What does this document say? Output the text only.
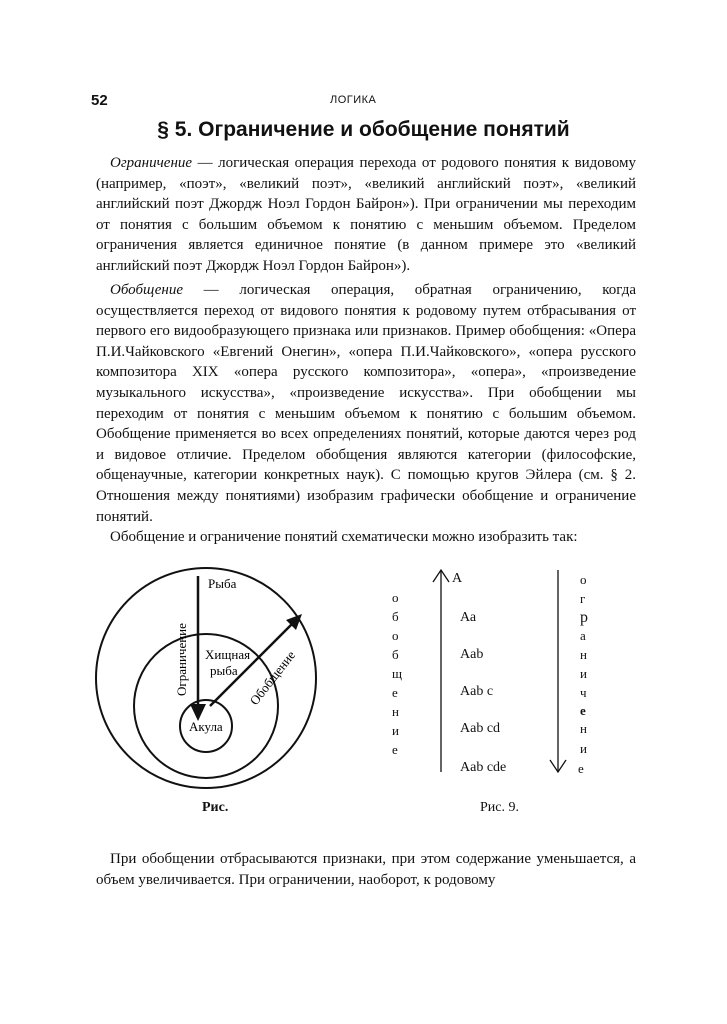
52	ЛОГИКА
§ 5. Ограничение и обобщение понятий
Ограничение — логическая операция перехода от родового понятия к видовому (например, «поэт», «великий поэт», «великий английский поэт», «великий английский поэт Джордж Ноэл Гордон Байрон»). При ограничении мы переходим от понятия с большим объемом к понятию с меньшим объемом. Пределом ограничения является единичное понятие (в данном примере это «великий английский поэт Джордж Ноэл Гордон Байрон»).
Обобщение — логическая операция, обратная ограничению, когда осуществляется переход от видового понятия к родовому путем отбрасывания от первого его видообразующего признака или признаков. Пример обобщения: «Опера П.И.Чайковского «Евгений Онегин», «опера П.И.Чайковского», «опера русского композитора XIX «опера русского композитора», «опера», «произведение музыкального искусства», «произведение искусства». При обобщении мы переходим от понятия с меньшим объемом к понятию с большим объемом. Обобщение применяется во всех определениях понятий, которые даются через род и видовое отличие. Пределом обобщения являются категории (философские, общенаучные, категории конкретных наук). С помощью кругов Эйлера (см. § 2. Отношения между понятиями) изобразим графически обобщение и ограничение понятий.
Обобщение и ограничение понятий схематически можно изобразить так:
Рыба
Хищная
рыба
Акула
Ограничение	Обобщение
Рис.
А
Аа
Aab
Aab c
Aab cd
Aab cde
о
б
о
б
щ
е
н
и
е
о
г
р
а
н
и
ч
е
н
и
е
Рис. 9.
При обобщении отбрасываются признаки, при этом содержание уменьшается, а объем увеличивается. При ограничении, наоборот, к родовому
